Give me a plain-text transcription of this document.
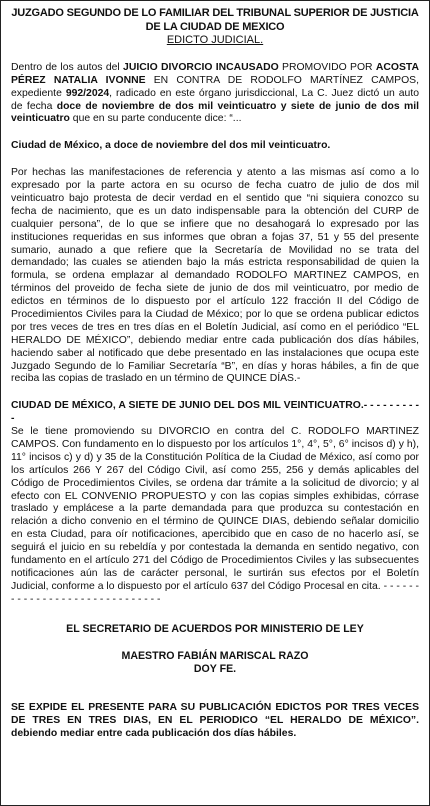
JUZGADO SEGUNDO DE LO FAMILIAR DEL TRIBUNAL SUPERIOR DE JUSTICIA
DE LA CIUDAD DE MEXICO
EDICTO JUDICIAL.

Dentro de los autos del JUICIO DIVORCIO INCAUSADO PROMOVIDO POR ACOSTA PÉREZ NATALIA IVONNE EN CONTRA DE RODOLFO MARTÍNEZ CAMPOS, expediente 992/2024, radicado en este órgano jurisdiccional, La C. Juez dictó un auto de fecha doce de noviembre de dos mil veinticuatro y siete de junio de dos mil veinticuatro que en su parte conducente dice: “...

Ciudad de México, a doce de noviembre del dos mil veinticuatro.

Por hechas las manifestaciones de referencia y atento a las mismas así como a lo expresado por la parte actora en su ocurso de fecha cuatro de julio de dos mil veinticuatro bajo protesta de decir verdad en el sentido que “ni siquiera conozco su fecha de nacimiento, que es un dato indispensable para la obtención del CURP de cualquier persona”, de lo que se infiere que no desahogará lo expresado por las instituciones requeridas en sus informes que obran a fojas 37, 51 y 55 del presente sumario, aunado a que refiere que la Secretaría de Movilidad no se trata del demandado; las cuales se atienden bajo la más estricta responsabilidad de quien la formula, se ordena emplazar al demandado RODOLFO MARTINEZ CAMPOS, en términos del proveido de fecha siete de junio de dos mil veinticuatro, por medio de edictos en términos de lo dispuesto por el artículo 122 fracción II del Código de Procedimientos Civiles para la Ciudad de México; por lo que se ordena publicar edictos por tres veces de tres en tres días en el Boletín Judicial, así como en el periódico “EL HERALDO DE MÉXICO”, debiendo mediar entre cada publicación dos días hábiles, haciendo saber al notificado que debe presentado en las instalaciones que ocupa este Juzgado Segundo de lo Familiar Secretaría “B”, en días y horas hábiles, a fin de que reciba las copias de traslado en un término de QUINCE DÍAS.-

CIUDAD DE MÉXICO, A SIETE DE JUNIO DEL DOS MIL VEINTICUATRO.- - - - - - - - - -

Se le tiene promoviendo su DIVORCIO en contra del C. RODOLFO MARTINEZ CAMPOS. Con fundamento en lo dispuesto por los artículos 1°, 4°, 5°, 6° incisos d) y h), 11° incisos c) y d) y 35 de la Constitución Política de la Ciudad de México, así como por los artículos 266 Y 267 del Código Civil, así como 255, 256 y demás aplicables del Código de Procedimientos Civiles, se ordena dar trámite a la solicitud de divorcio; y al efecto con EL CONVENIO PROPUESTO y con las copias simples exhibidas, córrase traslado y emplácese a la parte demandada para que produzca su contestación en relación a dicho convenio en el término de QUINCE DIAS, debiendo señalar domicilio en esta Ciudad, para oír notificaciones, apercibido que en caso de no hacerlo así, se seguirá el juicio en su rebeldía y por contestada la demanda en sentido negativo, con fundamento en el artículo 271 del Código de Procedimientos Civiles y las subsecuentes notificaciones aún las de carácter personal, le surtirán sus efectos por el Boletín Judicial, conforme a lo dispuesto por el artículo 637 del Código Procesal en cita. - - - - - - - - - - - - - - - - - - - - - - - - - - - - - -

EL SECRETARIO DE ACUERDOS POR MINISTERIO DE LEY

MAESTRO FABIÁN MARISCAL RAZO

DOY FE.

SE EXPIDE EL PRESENTE PARA SU PUBLICACIÓN EDICTOS POR TRES VECES DE TRES EN TRES DIAS, EN EL PERIODICO “EL HERALDO DE MÉXICO”. debiendo mediar entre cada publicación dos días hábiles.
